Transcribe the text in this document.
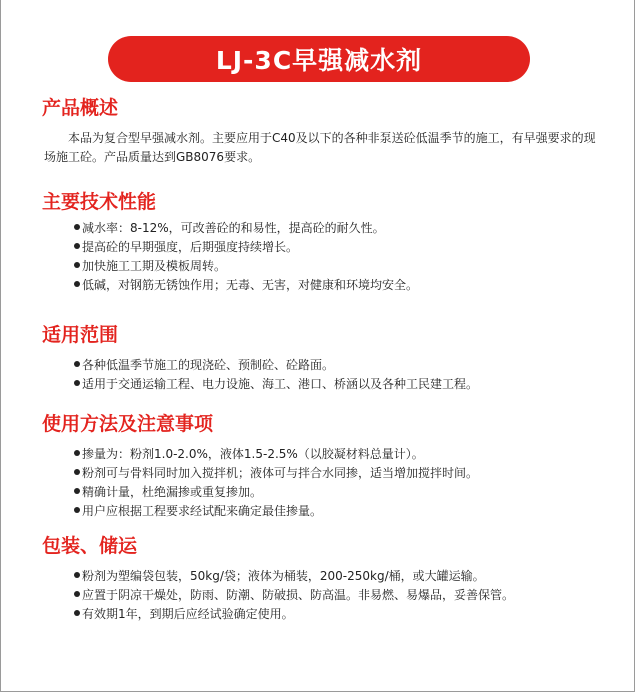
LJ-3C早强减水剂
产品概述
本品为复合型早强减水剂。主要应用于C40及以下的各种非泵送砼低温季节的施工，有早强要求的现场施工砼。产品质量达到GB8076要求。
主要技术性能
减水率：8-12%，可改善砼的和易性，提高砼的耐久性。
提高砼的早期强度，后期强度持续增长。
加快施工工期及模板周转。
低碱，对钢筋无锈蚀作用；无毒、无害，对健康和环境均安全。
适用范围
各种低温季节施工的现浇砼、预制砼、砼路面。
适用于交通运输工程、电力设施、海工、港口、桥涵以及各种工民建工程。
使用方法及注意事项
掺量为：粉剂1.0-2.0%，液体1.5-2.5%（以胶凝材料总量计）。
粉剂可与骨料同时加入搅拌机；液体可与拌合水同掺，适当增加搅拌时间。
精确计量，杜绝漏掺或重复掺加。
用户应根据工程要求经试配来确定最佳掺量。
包装、储运
粉剂为塑编袋包装，50kg/袋；液体为桶装，200-250kg/桶，或大罐运输。
应置于阴凉干燥处，防雨、防潮、防破损、防高温。非易燃、易爆品，妥善保管。
有效期1年，到期后应经试验确定使用。
